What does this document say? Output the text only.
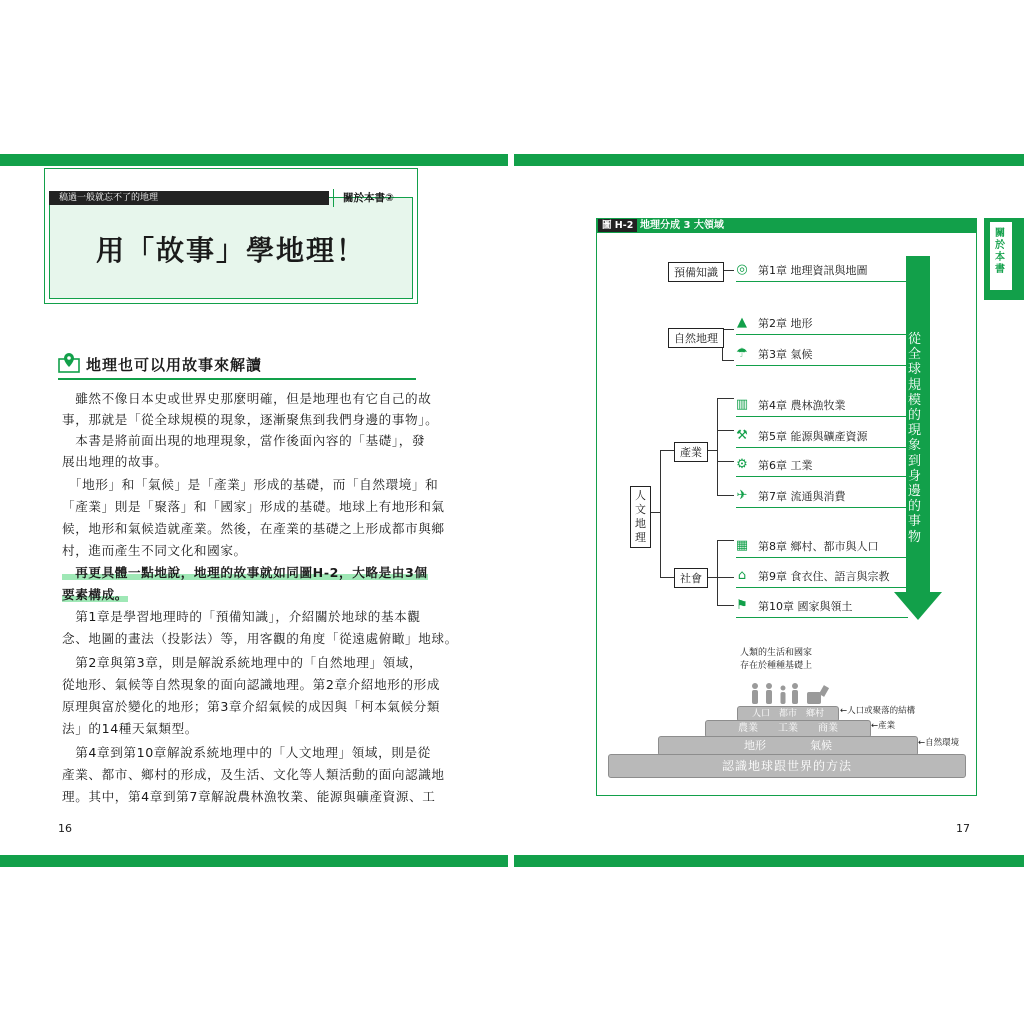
稿過一般就忘不了的地理	關於本書②
用「故事」學地理！
地理也可以用故事來解讀
　雖然不像日本史或世界史那麼明確，但是地理也有它自己的故
事，那就是「從全球規模的現象，逐漸聚焦到我們身邊的事物」。
　本書是將前面出現的地理現象，當作後面內容的「基礎」，發
展出地理的故事。
　「地形」和「氣候」是「產業」形成的基礎，而「自然環境」和
「產業」則是「聚落」和「國家」形成的基礎。地球上有地形和氣
候，地形和氣候造就產業。然後，在產業的基礎之上形成都市與鄉
村，進而產生不同文化和國家。
　再更具體一點地說，地理的故事就如同圖H-2，大略是由3個
要素構成。
　第1章是學習地理時的「預備知識」，介紹關於地球的基本觀
念、地圖的畫法（投影法）等，用客觀的角度「從遠處俯瞰」地球。
　第2章與第3章，則是解說系統地理中的「自然地理」領域，
從地形、氣候等自然現象的面向認識地理。第2章介紹地形的形成
原理與富於變化的地形；第3章介紹氣候的成因與「柯本氣候分類
法」的14種天氣類型。
　第4章到第10章解說系統地理中的「人文地理」領域，則是從
產業、都市、鄉村的形成，及生活、文化等人類活動的面向認識地
理。其中，第4章到第7章解說農林漁牧業、能源與礦產資源、工
16
關於本書
圖 H-2 地理分成 3 大領域
預備知識
自然地理
產業
社會
人文地理
◎ 第1章 地理資訊與地圖
▲ 第2章 地形
☂ 第3章 氣候
▥ 第4章 農林漁牧業
⚒ 第5章 能源與礦產資源
⚙ 第6章 工業
✈ 第7章 流通與消費
▦ 第8章 鄉村、都市與人口
⌂	第9章 食衣住、語言與宗教
⚑ 第10章 國家與領土
從全球規模的現象到身邊的事物
人類的生活和國家
存在於種種基礎上
人口　 都市　 鄉村
農業　　 工業　　 商業
地形　　　　	氣候
認識地球跟世界的方法
←人口或聚落的結構
←產業
←自然環境
17
